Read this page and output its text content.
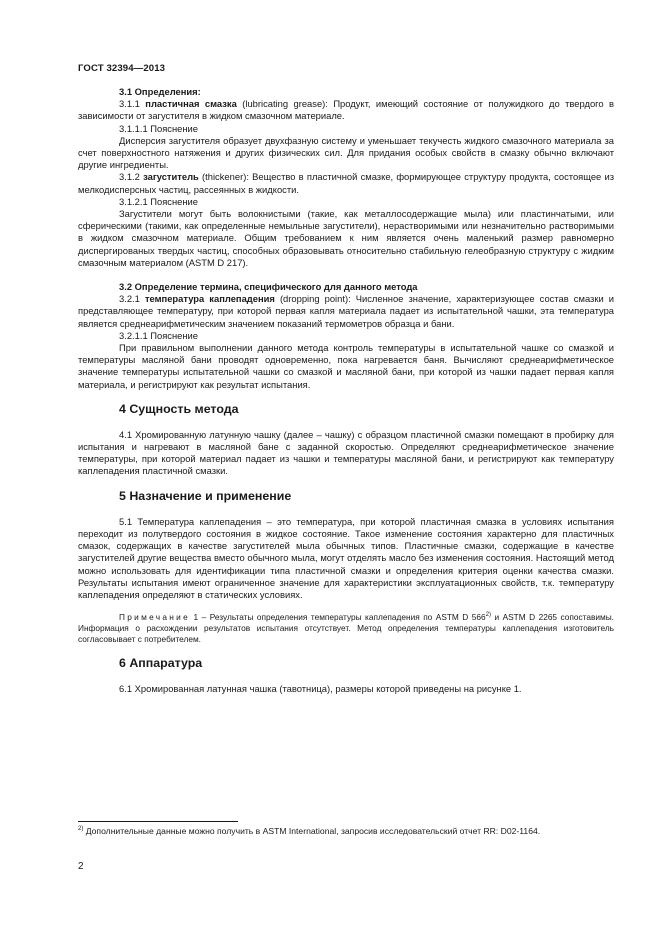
ГОСТ 32394—2013

3.1 Определения:

3.1.1 пластичная смазка (lubricating grease): Продукт, имеющий состояние от полужидкого до твердого в зависимости от загустителя в жидком смазочном материале.

3.1.1.1 Пояснение

Дисперсия загустителя образует двухфазную систему и уменьшает текучесть жидкого смазочного материала за счет поверхностного натяжения и других физических сил. Для придания особых свойств в смазку обычно включают другие ингредиенты.

3.1.2 загуститель (thickener): Вещество в пластичной смазке, формирующее структуру продукта, состоящее из мелкодисперсных частиц, рассеянных в жидкости.

3.1.2.1 Пояснение

Загустители могут быть волокнистыми (такие, как металлосодержащие мыла) или пластинчатыми, или сферическими (такими, как определенные немыльные загустители), нерастворимыми или незначительно растворимыми в жидком смазочном материале. Общим требованием к ним является очень маленький размер равномерно диспергированых твердых частиц, способных образовывать относительно стабильную гелеобразную структуру с жидким смазочным материалом (ASTM D 217).

3.2 Определение термина, специфического для данного метода

3.2.1 температура каплепадения (dropping point): Численное значение, характеризующее состав смазки и представляющее температуру, при которой первая капля материала падает из испытательной чашки, эта температура является среднеарифметическим значением показаний термометров образца и бани.

3.2.1.1 Пояснение

При правильном выполнении данного метода контроль температуры в испытательной чашке со смазкой и температуры масляной бани проводят одновременно, пока нагревается баня. Вычисляют среднеарифметическое значение температуры испытательной чашки со смазкой и масляной бани, при которой из чашки падает первая капля материала, и регистрируют как результат испытания.

4 Сущность метода

4.1 Хромированную латунную чашку (далее – чашку) с образцом пластичной смазки помещают в пробирку для испытания и нагревают в масляной бане с заданной скоростью. Определяют среднеарифметическое значение температуры, при которой материал падает из чашки и температуры масляной бани, и регистрируют как температуру каплепадения пластичной смазки.

5 Назначение и применение

5.1 Температура каплепадения – это температура, при которой пластичная смазка в условиях испытания переходит из полутвердого состояния в жидкое состояние. Такое изменение состояния характерно для пластичных смазок, содержащих в качестве загустителей мыла обычных типов. Пластичные смазки, содержащие в качестве загустителей другие вещества вместо обычного мыла, могут отделять масло без изменения состояния. Настоящий метод можно использовать для идентификации типа пластичной смазки и определения критерия оценки качества смазки. Результаты испытания имеют ограниченное значение для характеристики эксплуатационных свойств, т.к. температуру каплепадения определяют в статических условиях.

Примечание 1 – Результаты определения температуры каплепадения по ASTM D 566$^{2)}$ и ASTM D 2265 сопоставимы. Информация о расхождении результатов испытания отсутствует. Метод определения температуры каплепадения изготовитель согласовывает с потребителем.

6 Аппаратура

6.1 Хромированная латунная чашка (тавотница), размеры которой приведены на рисунке 1.

$^{2)}$ Дополнительные данные можно получить в ASTM International, запросив исследовательский отчет RR: D02-1164.
2
